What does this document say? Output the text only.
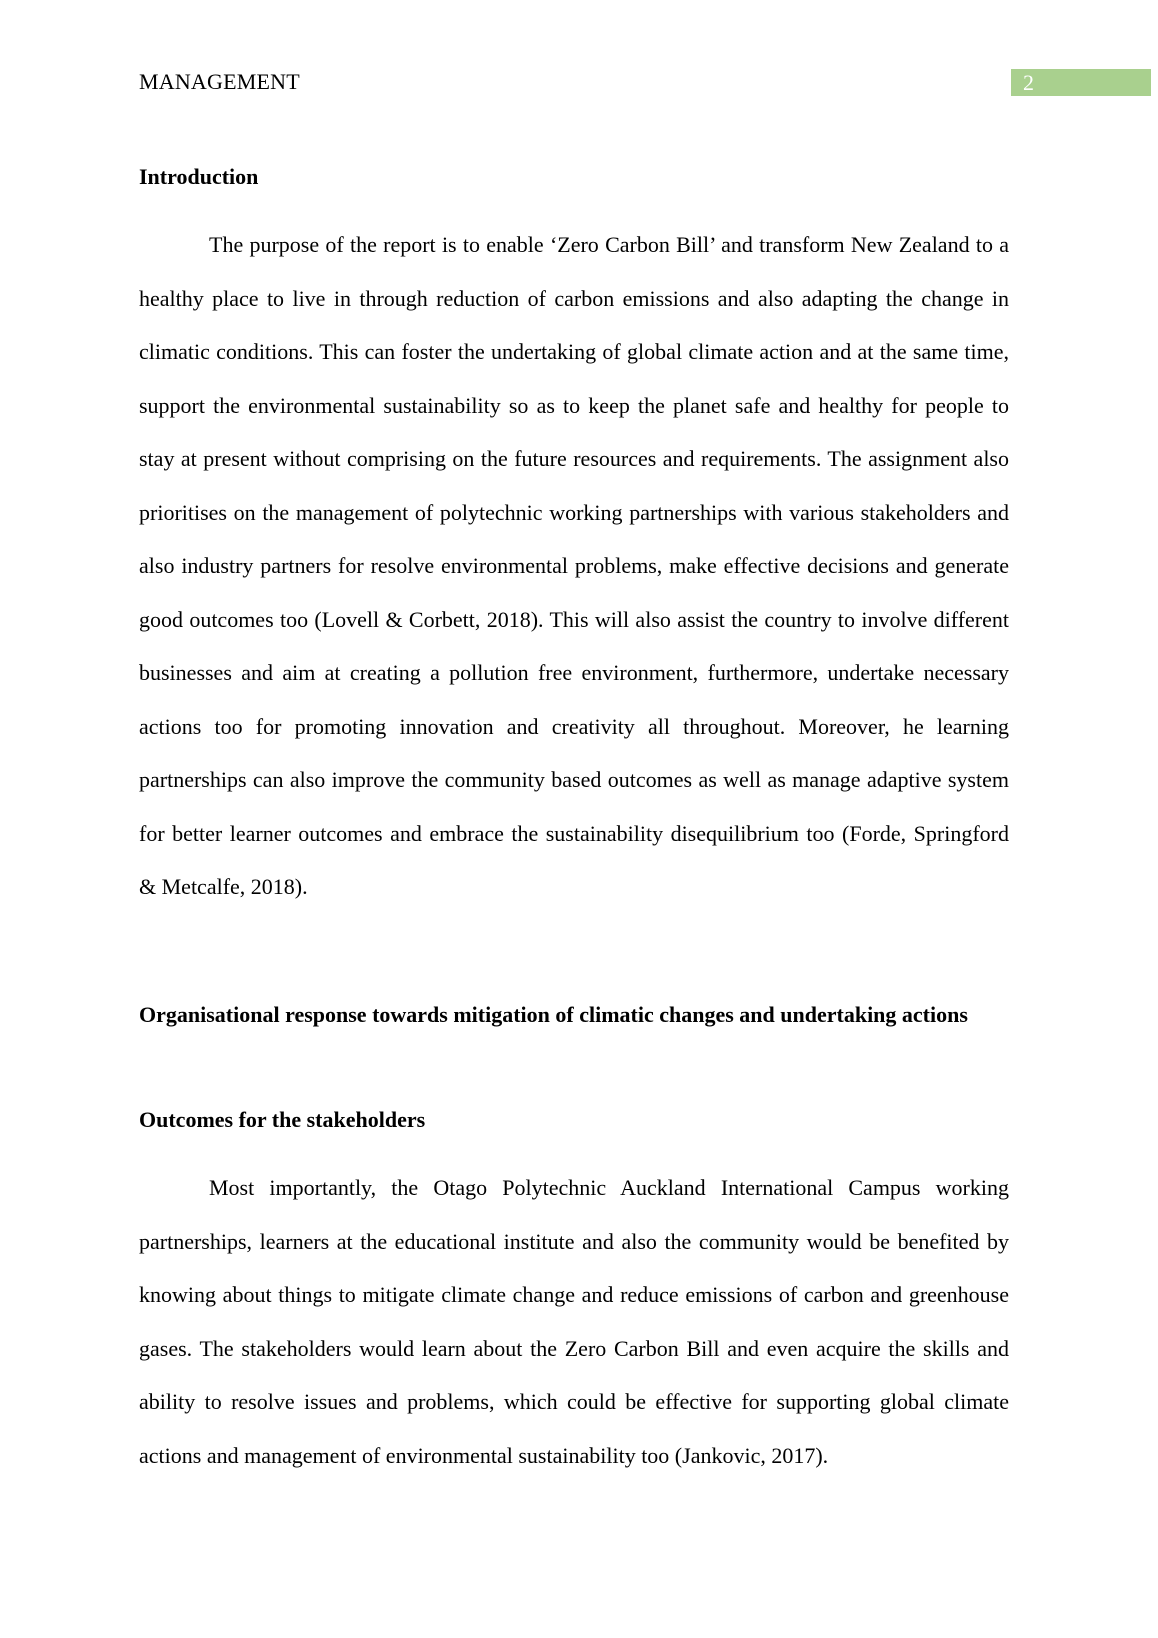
MANAGEMENT	2
Introduction

The purpose of the report is to enable ‘Zero Carbon Bill’ and transform New Zealand to a healthy place to live in through reduction of carbon emissions and also adapting the change in climatic conditions. This can foster the undertaking of global climate action and at the same time, support the environmental sustainability so as to keep the planet safe and healthy for people to stay at present without comprising on the future resources and requirements. The assignment also prioritises on the management of polytechnic working partnerships with various stakeholders and also industry partners for resolve environmental problems, make effective decisions and generate good outcomes too (Lovell & Corbett, 2018). This will also assist the country to involve different businesses and aim at creating a pollution free environment, furthermore, undertake necessary actions too for promoting innovation and creativity all throughout. Moreover, he learning partnerships can also improve the community based outcomes as well as manage adaptive system for better learner outcomes and embrace the sustainability disequilibrium too (Forde, Springford & Metcalfe, 2018).

Organisational response towards mitigation of climatic changes and undertaking actions
Outcomes for the stakeholders

Most importantly, the Otago Polytechnic Auckland International Campus working partnerships, learners at the educational institute and also the community would be benefited by knowing about things to mitigate climate change and reduce emissions of carbon and greenhouse gases. The stakeholders would learn about the Zero Carbon Bill and even acquire the skills and ability to resolve issues and problems, which could be effective for supporting global climate actions and management of environmental sustainability too (Jankovic, 2017).
